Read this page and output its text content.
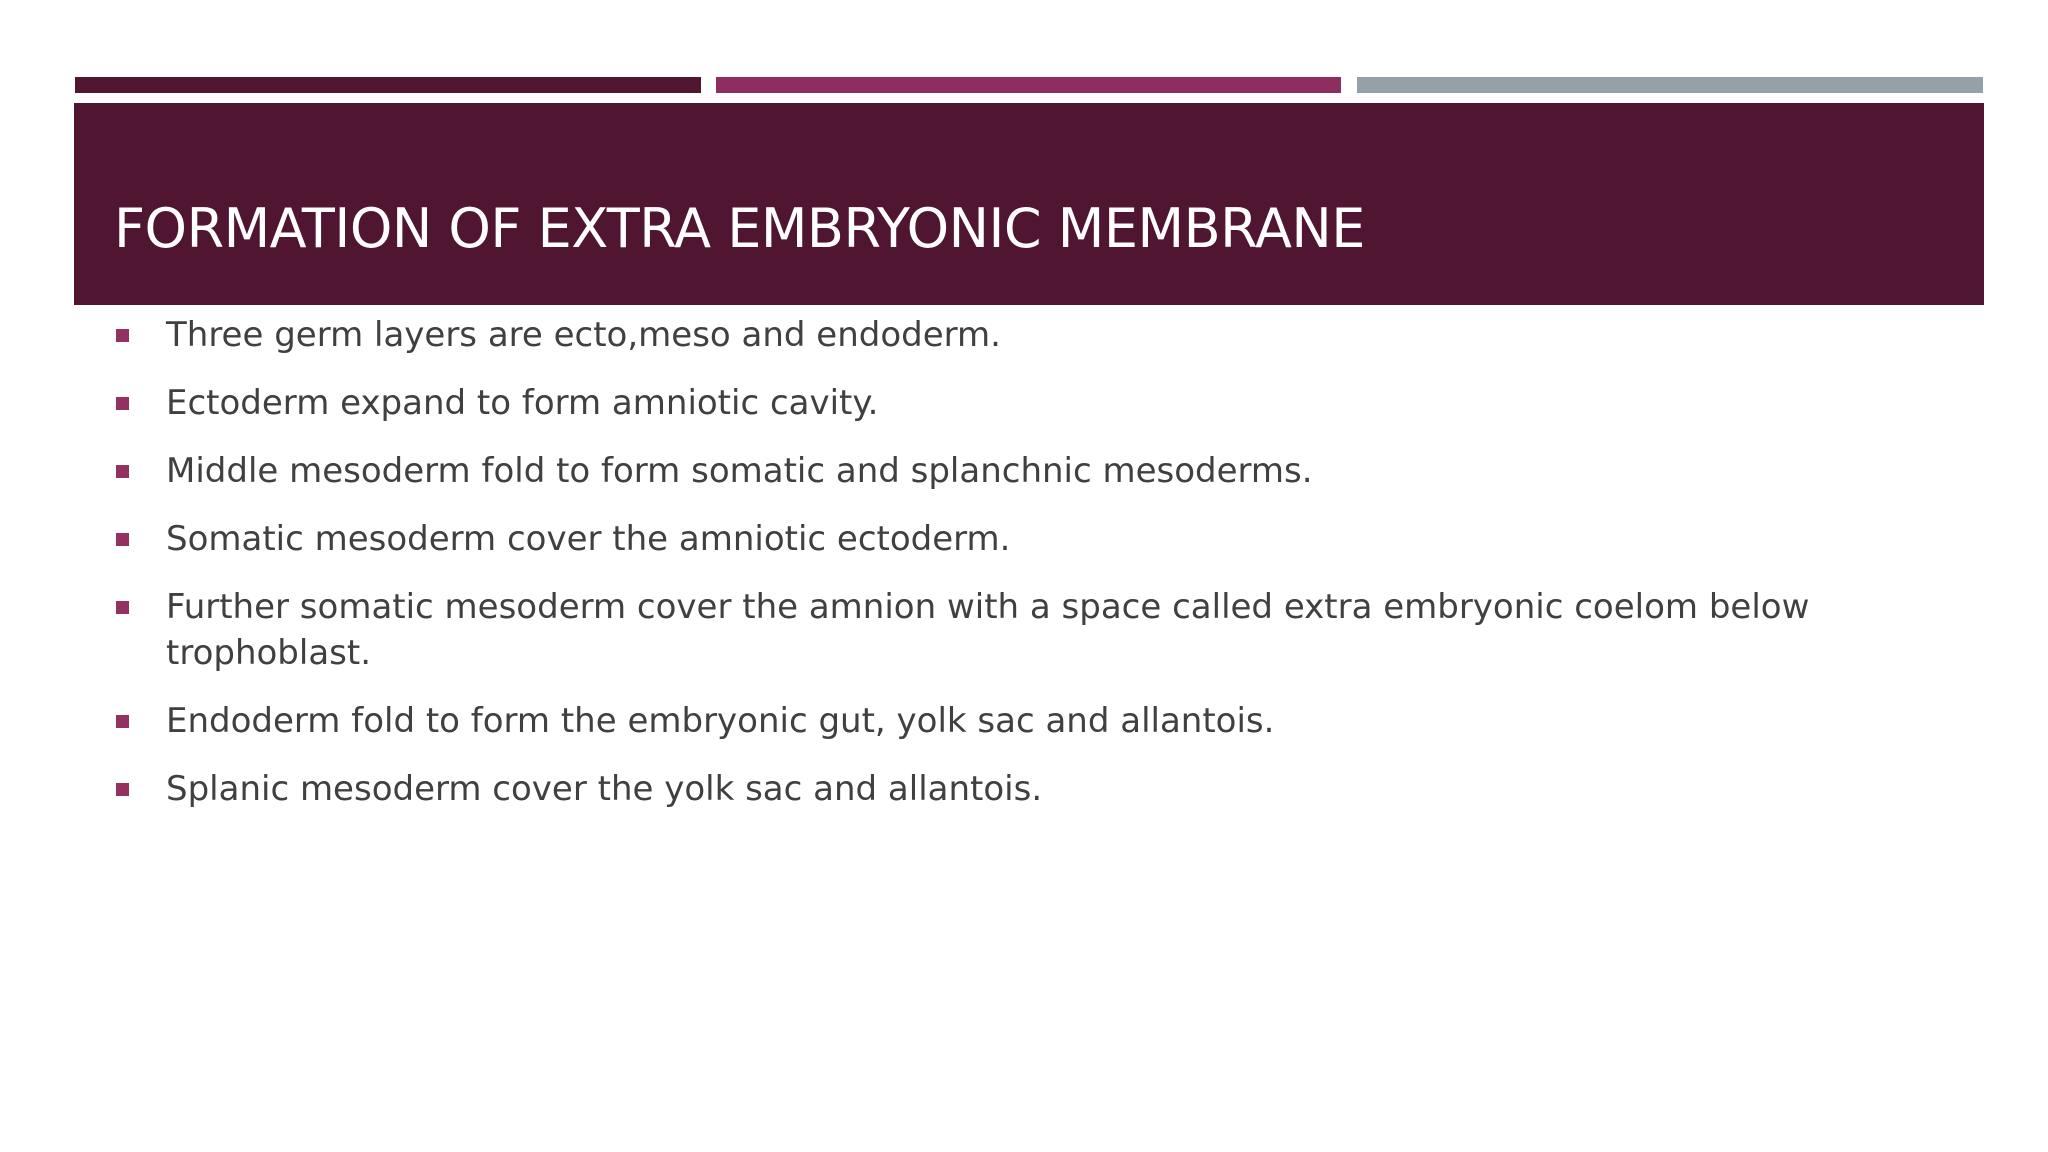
FORMATION OF EXTRA EMBRYONIC MEMBRANE
Three germ layers are ecto,meso and endoderm.
Ectoderm expand to form amniotic cavity.
Middle mesoderm fold to form somatic and splanchnic mesoderms.
Somatic mesoderm cover the amniotic ectoderm.
Further somatic mesoderm cover the amnion with a space called extra embryonic coelom below trophoblast.
Endoderm fold to form the embryonic gut, yolk sac and allantois.
Splanic mesoderm cover the yolk sac and allantois.
